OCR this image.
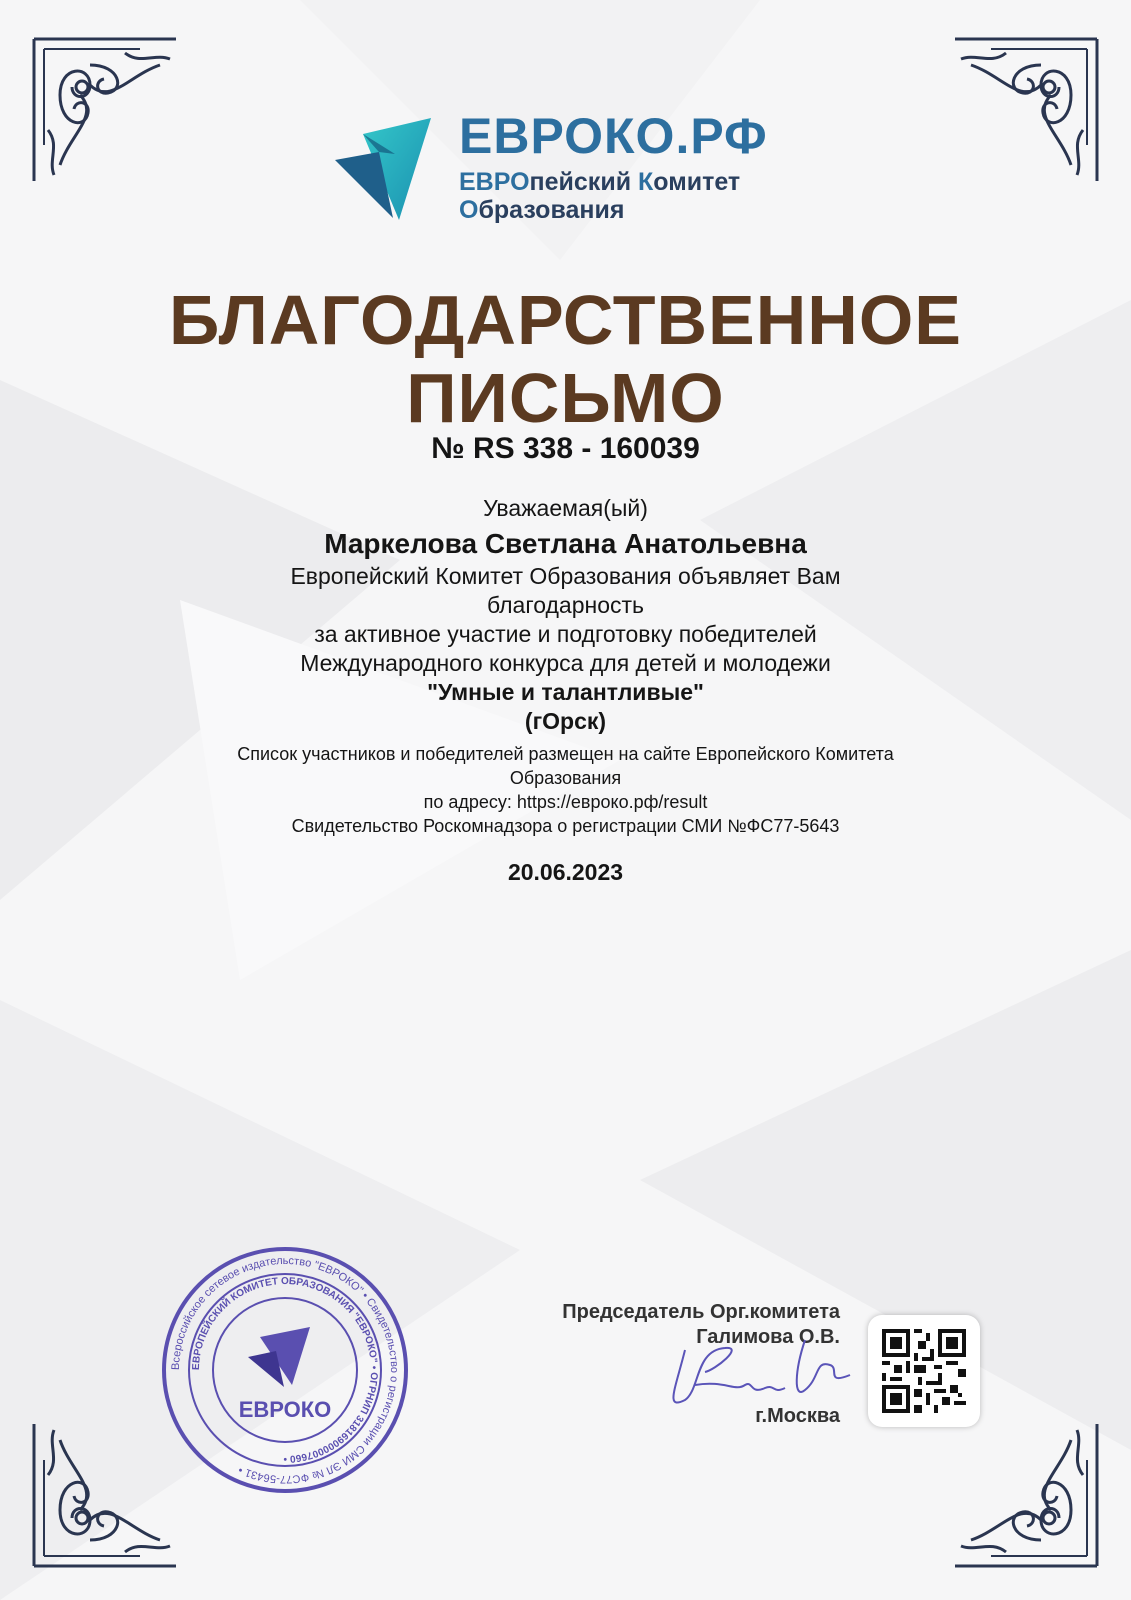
ЕВРОКО.РФ
ЕВРОпейский Комитет
Образования
БЛАГОДАРСТВЕННОЕ
ПИСЬМО
№ RS 338 - 160039
Уважаемая(ый)
Маркелова Светлана Анатольевна
Европейский Комитет Образования объявляет Вам
благодарность
за активное участие и подготовку победителей
Международного конкурса для детей и молодежи
"Умные и талантливые"
(гОрск)
Список участников и победителей размещен на сайте Европейского Комитета
Образования
по адресу: https://евроко.рф/result
Свидетельство Роскомнадзора о регистрации СМИ №ФС77-5643
20.06.2023
Всероссийское сетевое издательство "ЕВРОКО" • Свидетельство о регистрации СМИ ЭЛ № ФС77-56431 •
ЕВРОПЕЙСКИЙ КОМИТЕТ ОБРАЗОВАНИЯ "ЕВРОКО" • ОГРНИП 318169000007660 •
ЕВРОКО
Председатель Орг.комитета
Галимова О.В.
г.Москва
